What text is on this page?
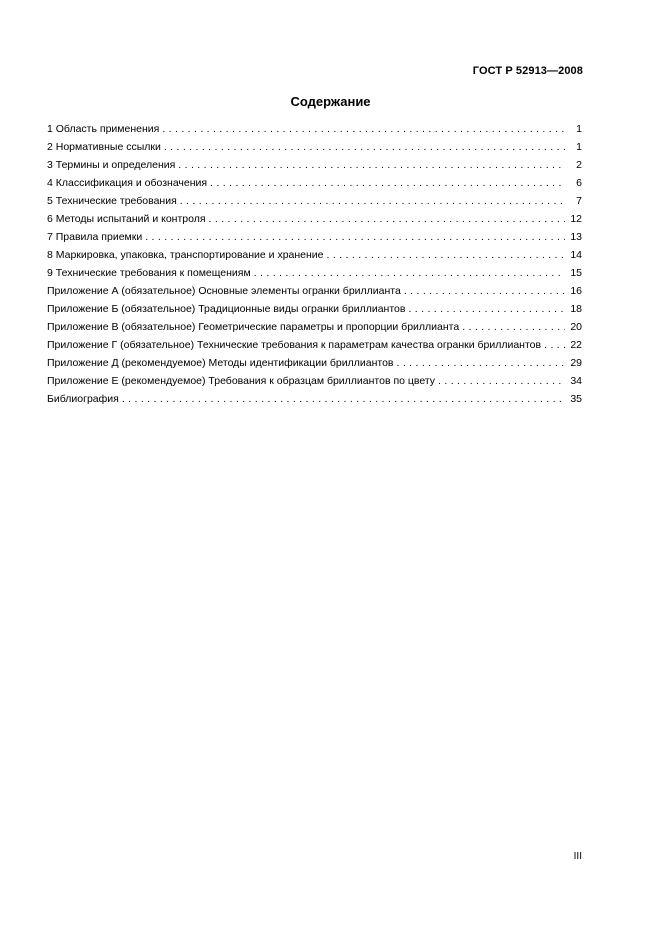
ГОСТ Р 52913—2008
Содержание
1 Область применения . . .	1
2 Нормативные ссылки . . .	1
3 Термины и определения . . .	2
4 Классификация и обозначения . . .	6
5 Технические требования . . .	7
6 Методы испытаний и контроля . . .	12
7 Правила приемки . . .	13
8 Маркировка, упаковка, транспортирование и хранение . . .	14
9 Технические требования к помещениям . . .	15
Приложение А (обязательное) Основные элементы огранки бриллианта . . .	16
Приложение Б (обязательное) Традиционные виды огранки бриллиантов . . .	18
Приложение В (обязательное) Геометрические параметры и пропорции бриллианта . . .	20
Приложение Г (обязательное) Технические требования к параметрам качества огранки бриллиантов . . .	22
Приложение Д (рекомендуемое) Методы идентификации бриллиантов . . .	29
Приложение Е (рекомендуемое) Требования к образцам бриллиантов по цвету . . .	34
Библиография . . .	35
III
